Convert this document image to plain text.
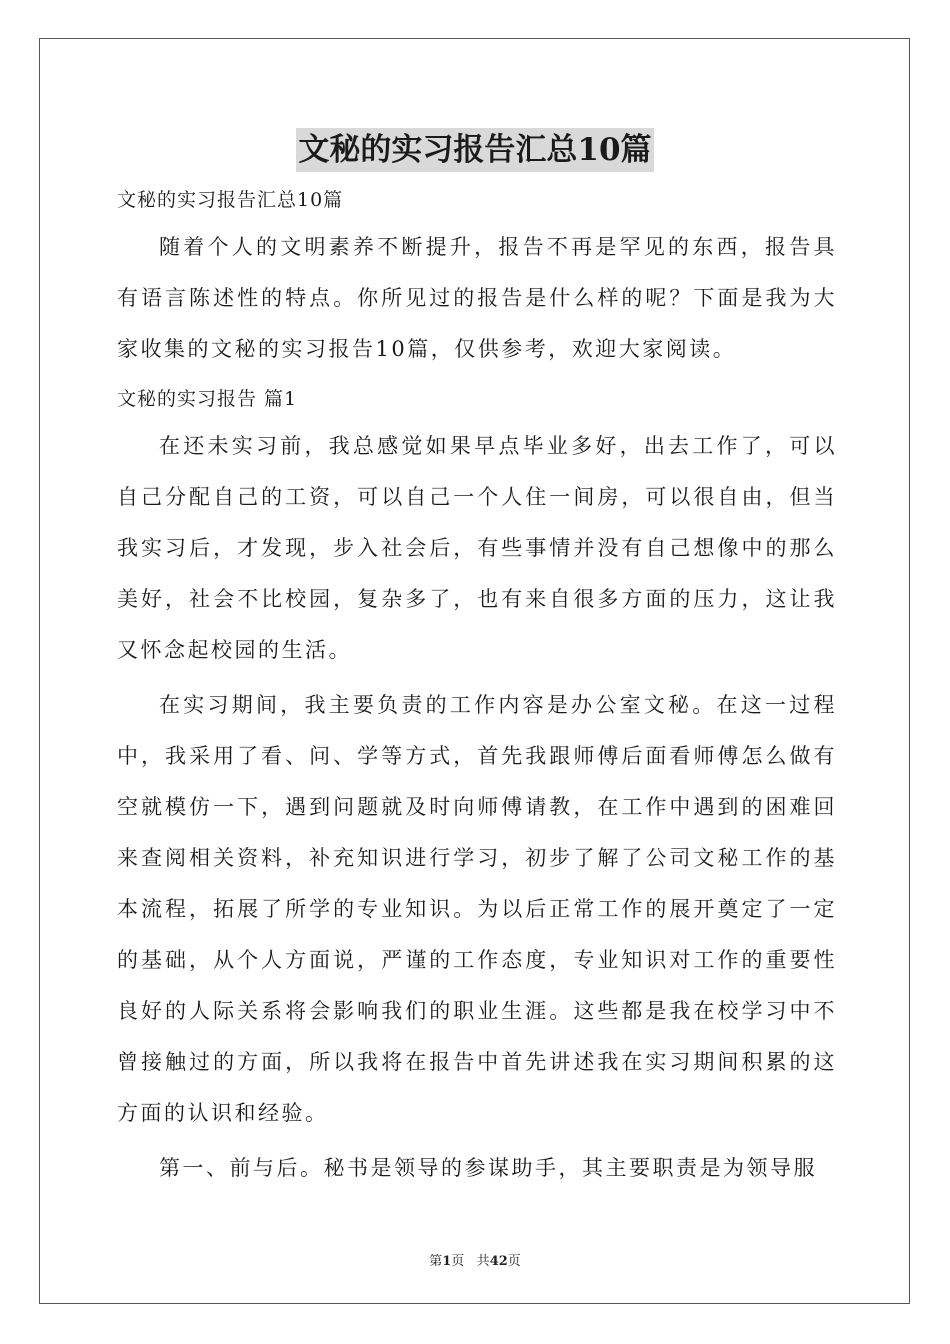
文秘的实习报告汇总10篇

文秘的实习报告汇总10篇

随着个人的文明素养不断提升，报告不再是罕见的东西，报告具有语言陈述性的特点。你所见过的报告是什么样的呢？下面是我为大家收集的文秘的实习报告10篇，仅供参考，欢迎大家阅读。

文秘的实习报告 篇1

在还未实习前，我总感觉如果早点毕业多好，出去工作了，可以自己分配自己的工资，可以自己一个人住一间房，可以很自由，但当我实习后，才发现，步入社会后，有些事情并没有自己想像中的那么美好，社会不比校园，复杂多了，也有来自很多方面的压力，这让我又怀念起校园的生活。

在实习期间，我主要负责的工作内容是办公室文秘。在这一过程中，我采用了看、问、学等方式，首先我跟师傅后面看师傅怎么做有空就模仿一下，遇到问题就及时向师傅请教，在工作中遇到的困难回来查阅相关资料，补充知识进行学习，初步了解了公司文秘工作的基本流程，拓展了所学的专业知识。为以后正常工作的展开奠定了一定的基础，从个人方面说，严谨的工作态度，专业知识对工作的重要性良好的人际关系将会影响我们的职业生涯。这些都是我在校学习中不曾接触过的方面，所以我将在报告中首先讲述我在实习期间积累的这方面的认识和经验。

第一、前与后。秘书是领导的参谋助手，其主要职责是为领导服

第1页 共42页
